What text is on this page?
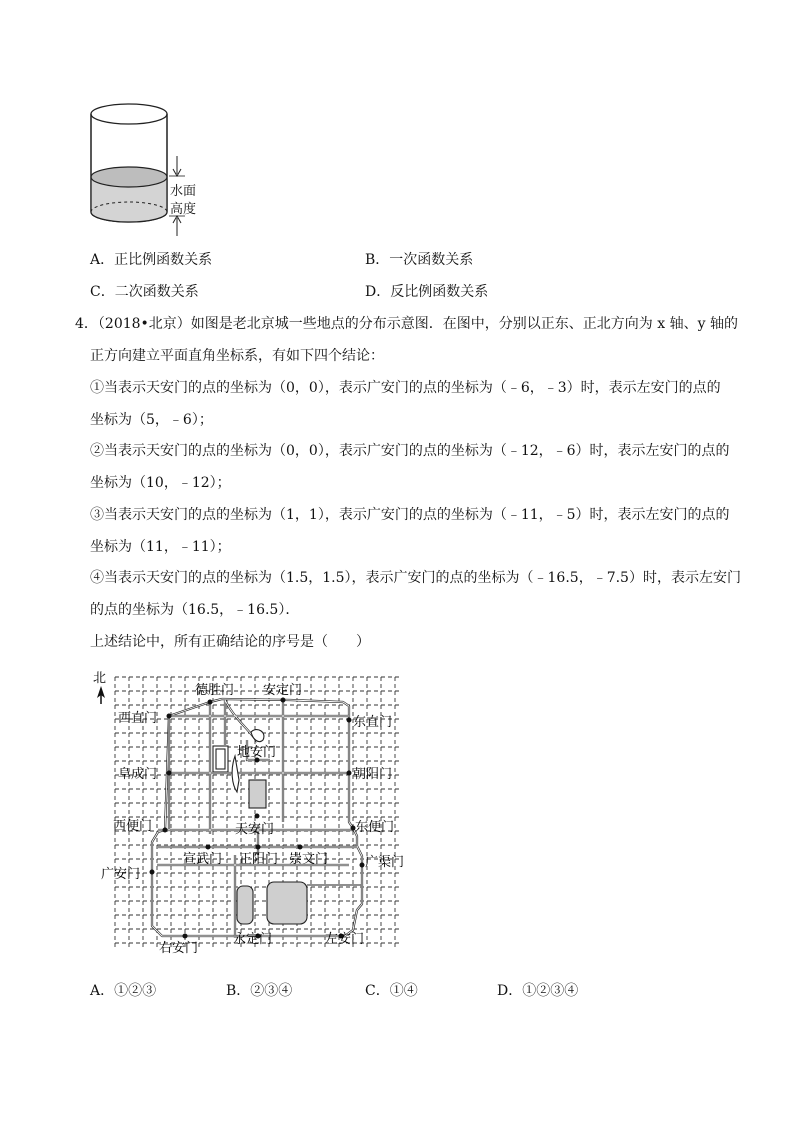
水面
高度
A．正比例函数关系	B．一次函数关系
C．二次函数关系	D．反比例函数关系
4．（2018•北京）如图是老北京城一些地点的分布示意图．在图中，分别以正东、正北方向为 x 轴、y 轴的
正方向建立平面直角坐标系，有如下四个结论：
①当表示天安门的点的坐标为（0，0），表示广安门的点的坐标为（﹣6，﹣3）时，表示左安门的点的
坐标为（5，﹣6）；
②当表示天安门的点的坐标为（0，0），表示广安门的点的坐标为（﹣12，﹣6）时，表示左安门的点的
坐标为（10，﹣12）；
③当表示天安门的点的坐标为（1，1），表示广安门的点的坐标为（﹣11，﹣5）时，表示左安门的点的
坐标为（11，﹣11）；
④当表示天安门的点的坐标为（1.5，1.5），表示广安门的点的坐标为（﹣16.5，﹣7.5）时，表示左安门
的点的坐标为（16.5，﹣16.5）．
上述结论中，所有正确结论的序号是（　　）
北
德胜门 安定门
西直门	东直门
地安门
阜成门	朝阳门
西便门	天安门	东便门
宣武门 正阳门 崇文门	广渠门
广安门
右安门
永定门	左安门
A．①②③	B．②③④	C．①④	D．①②③④
